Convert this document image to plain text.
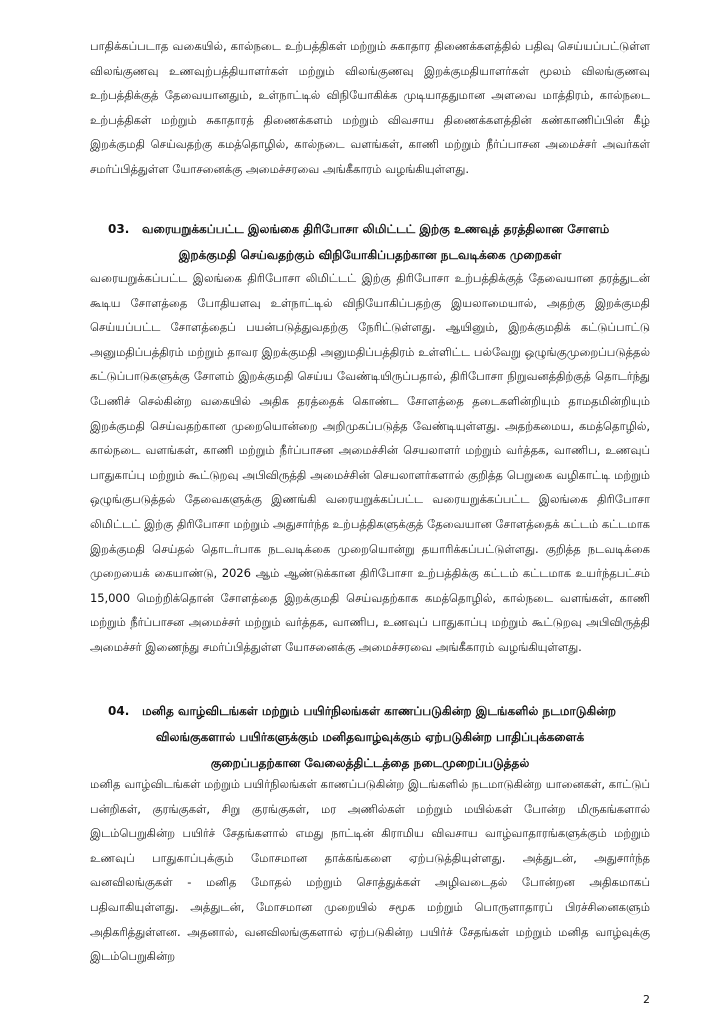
பாதிக்கப்படாத வகையில், கால்நடை உற்பத்திகள் மற்றும் சுகாதார திணைக்களத்தில் பதிவு செய்யப்பட்டுள்ள விலங்குணவு உணவுற்பத்தியாளர்கள் மற்றும் விலங்குணவு இறக்குமதியாளர்கள் மூலம் விலங்குணவு உற்பத்திக்குத் தேவையானதும், உள்நாட்டில் விநியோகிக்க முடியாததுமான அளவை மாத்திரம், கால்நடை உற்பத்திகள் மற்றும் சுகாதாரத் திணைக்களம் மற்றும் விவசாய திணைக்களத்தின் கண்காணிப்பின் கீழ் இறக்குமதி செய்வதற்கு கமத்தொழில், கால்நடை வளங்கள், காணி மற்றும் நீர்ப்பாசன அமைச்சர் அவர்கள் சமர்ப்பித்துள்ள யோசனைக்கு அமைச்சரவை அங்கீகாரம் வழங்கியுள்ளது.
03. வரையறுக்கப்பட்ட இலங்கை திரிபோசா லிமிட்டட் இற்கு உணவுத் தரத்திலான சோளம்
இறக்குமதி செய்வதற்கும் விநியோகிப்பதற்கான நடவடிக்கை முறைகள்
வரையறுக்கப்பட்ட இலங்கை திரிபோசா லிமிட்டட் இற்கு திரிபோசா உற்பத்திக்குத் தேவையான தரத்துடன் கூடிய சோளத்தை போதியளவு உள்நாட்டில் விநியோகிப்பதற்கு இயலாமையால், அதற்கு இறக்குமதி செய்யப்பட்ட சோளத்தைப் பயன்படுத்துவதற்கு நேரிட்டுள்ளது. ஆயினும், இறக்குமதிக் கட்டுப்பாட்டு அனுமதிப்பத்திரம் மற்றும் தாவர இறக்குமதி அனுமதிப்பத்திரம் உள்ளிட்ட பல்வேறு ஒழுங்குமுறைப்படுத்தல் கட்டுப்பாடுகளுக்கு சோளம் இறக்குமதி செய்ய வேண்டியிருப்பதால், திரிபோசா நிறுவனத்திற்குத் தொடர்ந்து பேணிச் செல்கின்ற வகையில் அதிக தரத்தைக் கொண்ட சோளத்தை தடைகளின்றியும் தாமதமின்றியும் இறக்குமதி செய்வதற்கான முறையொன்றை அறிமுகப்படுத்த வேண்டியுள்ளது. அதற்கமைய, கமத்தொழில், கால்நடை வளங்கள், காணி மற்றும் நீர்ப்பாசன அமைச்சின் செயலாளர் மற்றும் வர்த்தக, வாணிப, உணவுப் பாதுகாப்பு மற்றும் கூட்டுறவு அபிவிருத்தி அமைச்சின் செயலாளர்களால் குறித்த பெறுகை வழிகாட்டி மற்றும் ஒழுங்குபடுத்தல் தேவைகளுக்கு இணங்கி வரையறுக்கப்பட்ட வரையறுக்கப்பட்ட இலங்கை திரிபோசா லிமிட்டட் இற்கு திரிபோசா மற்றும் அதுசார்ந்த உற்பத்திகளுக்குத் தேவையான சோளத்தைக் கட்டம் கட்டமாக இறக்குமதி செய்தல் தொடர்பாக நடவடிக்கை முறையொன்று தயாரிக்கப்பட்டுள்ளது. குறித்த நடவடிக்கை முறையைக் கையாண்டு, 2026 ஆம் ஆண்டுக்கான திரிபோசா உற்பத்திக்கு கட்டம் கட்டமாக உயர்ந்தபட்சம் 15,000 மெற்றிக்தொன் சோளத்தை இறக்குமதி செய்வதற்காக கமத்தொழில், கால்நடை வளங்கள், காணி மற்றும் நீர்ப்பாசன அமைச்சர் மற்றும் வர்த்தக, வாணிப, உணவுப் பாதுகாப்பு மற்றும் கூட்டுறவு அபிவிருத்தி அமைச்சர் இணைந்து சமர்ப்பித்துள்ள யோசனைக்கு அமைச்சரவை அங்கீகாரம் வழங்கியுள்ளது.
04. மனித வாழ்விடங்கள் மற்றும் பயிர்நிலங்கள் காணப்படுகின்ற இடங்களில் நடமாடுகின்ற
விலங்குகளால் பயிர்களுக்கும் மனிதவாழ்வுக்கும் ஏற்படுகின்ற பாதிப்புக்களைக்
குறைப்பதற்கான வேலைத்திட்டத்தை நடைமுறைப்படுத்தல்
மனித வாழ்விடங்கள் மற்றும் பயிர்நிலங்கள் காணப்படுகின்ற இடங்களில் நடமாடுகின்ற யானைகள், காட்டுப் பன்றிகள், குரங்குகள், சிறு குரங்குகள், மர அணில்கள் மற்றும் மயில்கள் போன்ற மிருகங்களால் இடம்பெறுகின்ற பயிர்ச் சேதங்களால் எமது நாட்டின் கிராமிய விவசாய வாழ்வாதாரங்களுக்கும் மற்றும் உணவுப் பாதுகாப்புக்கும் மோசமான தாக்கங்களை ஏற்படுத்தியுள்ளது. அத்துடன், அதுசார்ந்த வனவிலங்குகள் - மனித மோதல் மற்றும் சொத்துக்கள் அழிவடைதல் போன்றன அதிகமாகப் பதிவாகியுள்ளது. அத்துடன், மோசமான முறையில் சமூக மற்றும் பொருளாதாரப் பிரச்சினைகளும் அதிகரித்துள்ளன. அதனால், வனவிலங்குகளால் ஏற்படுகின்ற பயிர்ச் சேதங்கள் மற்றும் மனித வாழ்வுக்கு இடம்பெறுகின்ற
2
